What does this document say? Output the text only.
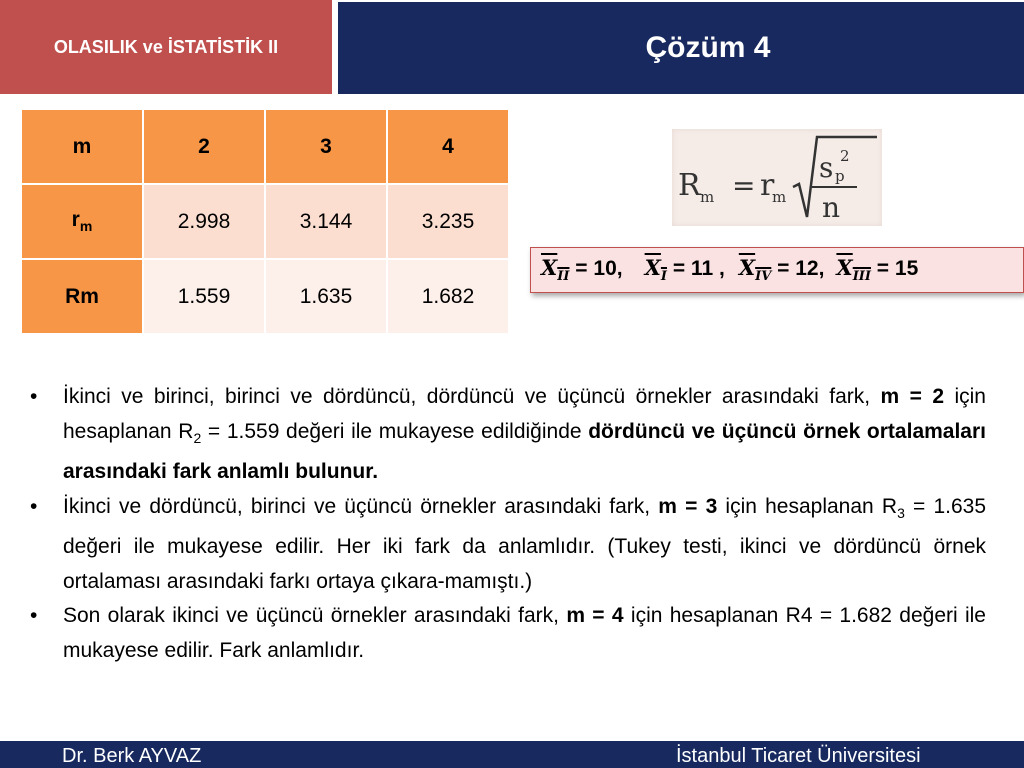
OLASILIK ve İSTATİSTİK II	Çözüm 4
m	2	3	4
$r_m$	2.998	3.144	3.235
Rm	1.559	1.635	1.682
R m = r
m
2
p
s
n
$X_{II} = 10$, $X_I = 11$ , $X_{IV} = 12$, $X_{III} = 15$
• İkinci ve birinci, birinci ve dördüncü, dördüncü ve üçüncü örnekler arasındaki fark, m = 2 için hesaplanan $R_2 = 1.559$ değeri ile mukayese edildiğinde dördüncü ve üçüncü örnek ortalamaları arasındaki fark anlamlı bulunur.
• İkinci ve dördüncü, birinci ve üçüncü örnekler arasındaki fark, m = 3 için hesaplanan $R_3 = 1.635$ değeri ile mukayese edilir. Her iki fark da anlamlıdır. (Tukey testi, ikinci ve dördüncü örnek ortalaması arasındaki farkı ortaya çıkara-mamıştı.)
• Son olarak ikinci ve üçüncü örnekler arasındaki fark, m = 4 için hesaplanan R4 = 1.682 değeri ile mukayese edilir. Fark anlamlıdır.
Dr. Berk AYVAZ	İstanbul Ticaret Üniversitesi
